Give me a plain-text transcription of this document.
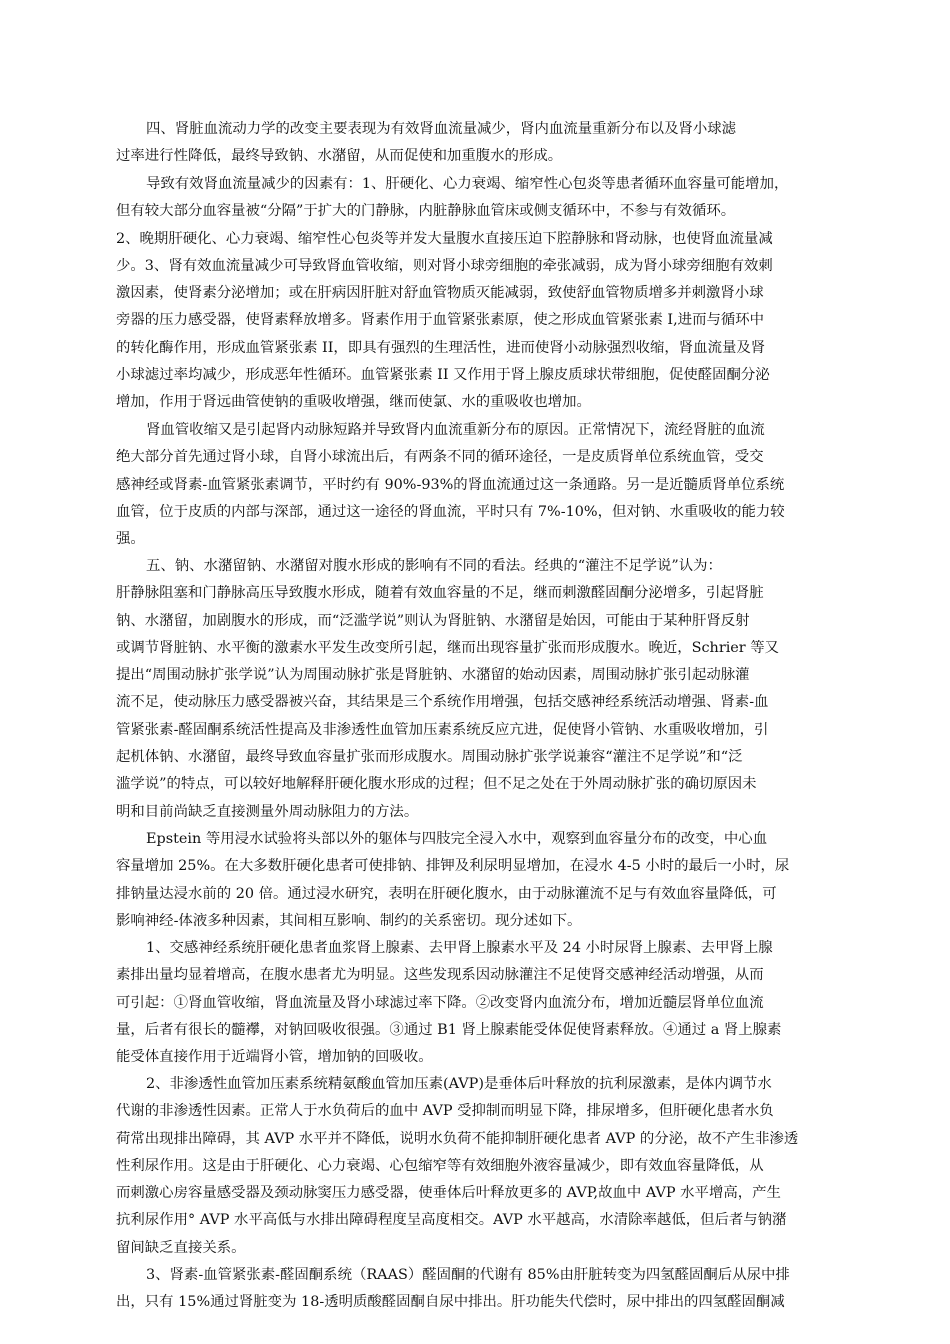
四、肾脏血流动力学的改变主要表现为有效肾血流量减少，肾内血流量重新分布以及肾小球滤
过率进行性降低，最终导致钠、水潴留，从而促使和加重腹水的形成。
导致有效肾血流量减少的因素有：1、肝硬化、心力衰竭、缩窄性心包炎等患者循环血容量可能增加，
但有较大部分血容量被“分隔”于扩大的门静脉，内脏静脉血管床或侧支循环中，不参与有效循环。
2、晚期肝硬化、心力衰竭、缩窄性心包炎等并发大量腹水直接压迫下腔静脉和肾动脉，也使肾血流量减
少。3、肾有效血流量减少可导致肾血管收缩，则对肾小球旁细胞的牵张减弱，成为肾小球旁细胞有效刺
激因素，使肾素分泌增加；或在肝病因肝脏对舒血管物质灭能减弱，致使舒血管物质增多并刺激肾小球
旁器的压力感受器，使肾素释放增多。肾素作用于血管紧张素原，使之形成血管紧张素 I,进而与循环中
的转化酶作用，形成血管紧张素 II，即具有强烈的生理活性，进而使肾小动脉强烈收缩，肾血流量及肾
小球滤过率均减少，形成恶年性循环。血管紧张素 II 又作用于肾上腺皮质球状带细胞，促使醛固酮分泌
增加，作用于肾远曲管使钠的重吸收增强，继而使氯、水的重吸收也增加。
肾血管收缩又是引起肾内动脉短路并导致肾内血流重新分布的原因。正常情况下，流经肾脏的血流
绝大部分首先通过肾小球，自肾小球流出后，有两条不同的循环途径，一是皮质肾单位系统血管，受交
感神经或肾素-血管紧张素调节，平时约有 90%-93%的肾血流通过这一条通路。另一是近髓质肾单位系统
血管，位于皮质的内部与深部，通过这一途径的肾血流，平时只有 7%-10%，但对钠、水重吸收的能力较
强。
五、钠、水潴留钠、水潴留对腹水形成的影响有不同的看法。经典的“灌注不足学说”认为：
肝静脉阻塞和门静脉高压导致腹水形成，随着有效血容量的不足，继而刺激醛固酮分泌增多，引起肾脏
钠、水潴留，加剧腹水的形成，而“泛滥学说”则认为肾脏钠、水潴留是始因，可能由于某种肝肾反射
或调节肾脏钠、水平衡的激素水平发生改变所引起，继而出现容量扩张而形成腹水。晚近，Schrier 等又
提出“周围动脉扩张学说”认为周围动脉扩张是肾脏钠、水潴留的始动因素，周围动脉扩张引起动脉灌
流不足，使动脉压力感受器被兴奋，其结果是三个系统作用增强，包括交感神经系统活动增强、肾素-血
管紧张素-醛固酮系统活性提高及非渗透性血管加压素系统反应亢进，促使肾小管钠、水重吸收增加，引
起机体钠、水潴留，最终导致血容量扩张而形成腹水。周围动脉扩张学说兼容“灌注不足学说”和“泛
滥学说”的特点，可以较好地解释肝硬化腹水形成的过程；但不足之处在于外周动脉扩张的确切原因未
明和目前尚缺乏直接测量外周动脉阻力的方法。
Epstein 等用浸水试验将头部以外的躯体与四肢完全浸入水中，观察到血容量分布的改变，中心血
容量增加 25%。在大多数肝硬化患者可使排钠、排钾及利尿明显增加，在浸水 4-5 小时的最后一小时，尿
排钠量达浸水前的 20 倍。通过浸水研究，表明在肝硬化腹水，由于动脉灌流不足与有效血容量降低，可
影响神经-体液多种因素，其间相互影响、制约的关系密切。现分述如下。
1、交感神经系统肝硬化患者血浆肾上腺素、去甲肾上腺素水平及 24 小时尿肾上腺素、去甲肾上腺
素排出量均显着增高，在腹水患者尤为明显。这些发现系因动脉灌注不足使肾交感神经活动增强，从而
可引起：①肾血管收缩，肾血流量及肾小球滤过率下降。②改变肾内血流分布，增加近髓层肾单位血流
量，后者有很长的髓襻，对钠回吸收很强。③通过 B1 肾上腺素能受体促使肾素释放。④通过 a 肾上腺素
能受体直接作用于近端肾小管，增加钠的回吸收。
2、非渗透性血管加压素系统精氨酸血管加压素(AVP)是垂体后叶释放的抗利尿激素，是体内调节水
代谢的非渗透性因素。正常人于水负荷后的血中 AVP 受抑制而明显下降，排尿增多，但肝硬化患者水负
荷常出现排出障碍，其 AVP 水平并不降低，说明水负荷不能抑制肝硬化患者 AVP 的分泌，故不产生非渗透
性利尿作用。这是由于肝硬化、心力衰竭、心包缩窄等有效细胞外液容量减少，即有效血容量降低，从
而刺激心房容量感受器及颈动脉窦压力感受器，使垂体后叶释放更多的 AVP,故血中 AVP 水平增高，产生
抗利尿作用° AVP 水平高低与水排出障碍程度呈高度相交。AVP 水平越高，水清除率越低，但后者与钠潴
留间缺乏直接关系。
3、肾素-血管紧张素-醛固酮系统（RAAS）醛固酮的代谢有 85%由肝脏转变为四氢醛固酮后从尿中排
出，只有 15%通过肾脏变为 18-透明质酸醛固酮自尿中排出。肝功能失代偿时，尿中排出的四氢醛固酮减
